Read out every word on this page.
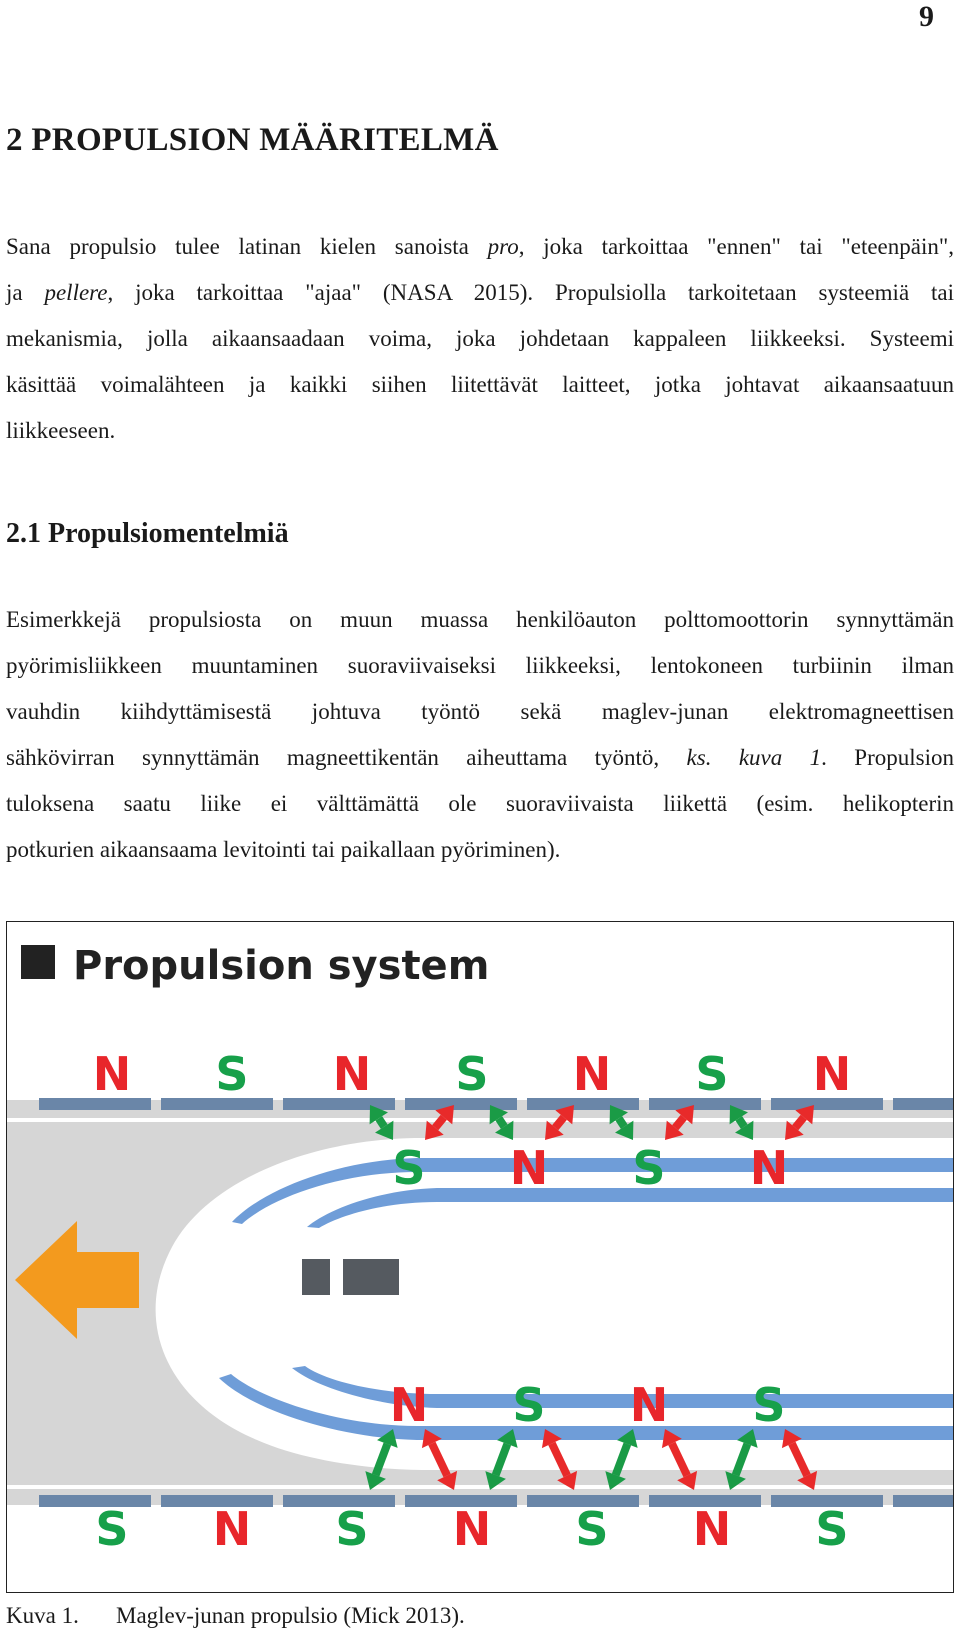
9
2 PROPULSION MÄÄRITELMÄ

Sana propulsio tulee latinan kielen sanoista pro, joka tarkoittaa "ennen" tai "eteenpäin",
ja pellere, joka tarkoittaa "ajaa" (NASA 2015). Propulsiolla tarkoitetaan systeemiä tai
mekanismia, jolla aikaansaadaan voima, joka johdetaan kappaleen liikkeeksi. Systeemi
käsittää voimalähteen ja kaikki siihen liitettävät laitteet, jotka johtavat aikaansaatuun
liikkeeseen.

2.1 Propulsiomentelmiä

Esimerkkejä propulsiosta on muun muassa henkilöauton polttomoottorin synnyttämän
pyörimisliikkeen muuntaminen suoraviivaiseksi liikkeeksi, lentokoneen turbiinin ilman
vauhdin kiihdyttämisestä johtuva työntö sekä maglev-junan elektromagneettisen
sähkövirran synnyttämän magneettikentän aiheuttama työntö, ks. kuva 1. Propulsion
tuloksena saatu liike ei välttämättä ole suoraviivaista liikettä (esim. helikopterin
potkurien aikaansaama levitointi tai paikallaan pyöriminen).

Propulsion system
N S N S N S N
S N S N
N S N S
S N S N S N S
Kuva 1. Maglev-junan propulsio (Mick 2013).
